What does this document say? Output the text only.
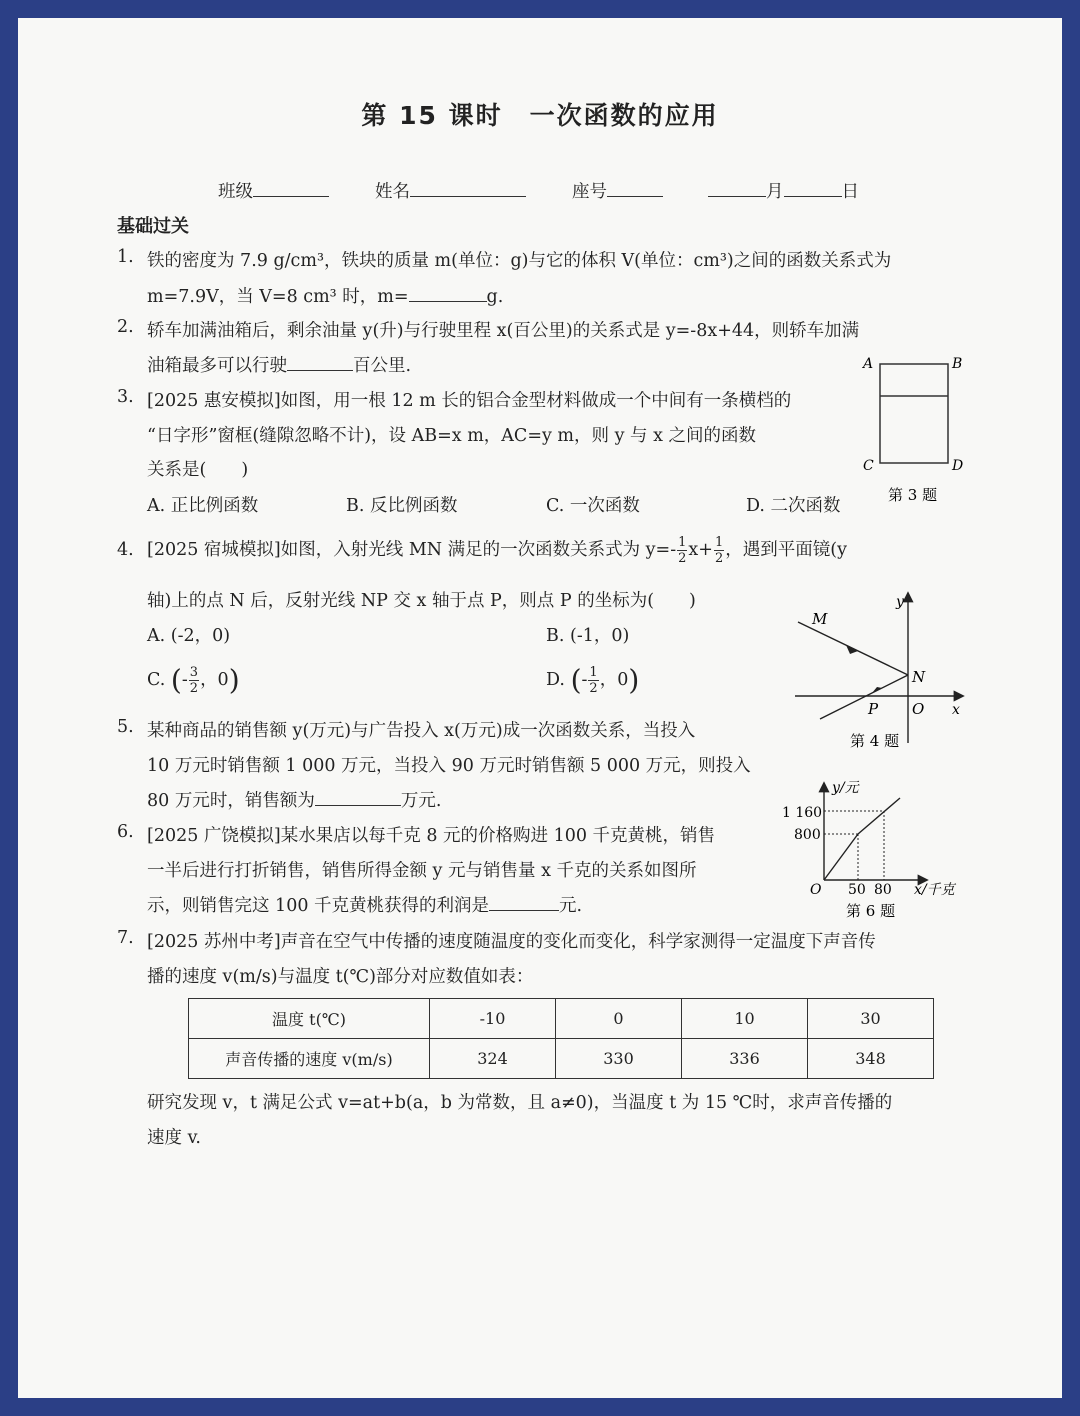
第 15 课时　一次函数的应用
班级	姓名	座号	月	日
基础过关
1. 铁的密度为 7.9 g/cm³，铁块的质量 m(单位：g)与它的体积 V(单位：cm³)之间的函数关系式为
m=7.9V，当 V=8 cm³ 时，m=	g.
2. 轿车加满油箱后，剩余油量 y(升)与行驶里程 x(百公里)的关系式是 y=-8x+44，则轿车加满
油箱最多可以行驶	百公里.
3. [2025 惠安模拟]如图，用一根 12 m 长的铝合金型材料做成一个中间有一条横档的
“日字形”窗框(缝隙忽略不计)，设 AB=x m，AC=y m，则 y 与 x 之间的函数
关系是(　　)
A. 正比例函数	B. 反比例函数	C. 一次函数	D. 二次函数
A	B
C	D
第 3 题
4. [2025 宿城模拟]如图，入射光线 MN 满足的一次函数关系式为 $y=- \frac{1}{2} x+ \frac{1}{2}$ ，遇到平面镜(y
轴)上的点 N 后，反射光线 NP 交 x 轴于点 P，则点 P 的坐标为(　　)
A. (-2，0)	B. (-1，0)
C. (- $\frac{3}{2}$ ，0)	D. (- $\frac{1}{2}$ ，0)
y
M
N
P O x
第 4 题
5. 某种商品的销售额 y(万元)与广告投入 x(万元)成一次函数关系，当投入
10 万元时销售额 1 000 万元，当投入 90 万元时销售额 5 000 万元，则投入
80 万元时，销售额为	万元.
6. [2025 广饶模拟]某水果店以每千克 8 元的价格购进 100 千克黄桃，销售
一半后进行打折销售，销售所得金额 y 元与销售量 x 千克的关系如图所
示，则销售完这 100 千克黄桃获得的利润是	元.
y/元
1 160
800
O 50 80 x/千克
第 6 题
7. [2025 苏州中考]声音在空气中传播的速度随温度的变化而变化，科学家测得一定温度下声音传
播的速度 v(m/s)与温度 t(℃)部分对应数值如表：
温度 t(℃)	-10	0	10	30
声音传播的速度 v(m/s)	324	330	336	348
研究发现 v，t 满足公式 v=at+b(a，b 为常数，且 a≠0)，当温度 t 为 15 ℃时，求声音传播的
速度 v.
